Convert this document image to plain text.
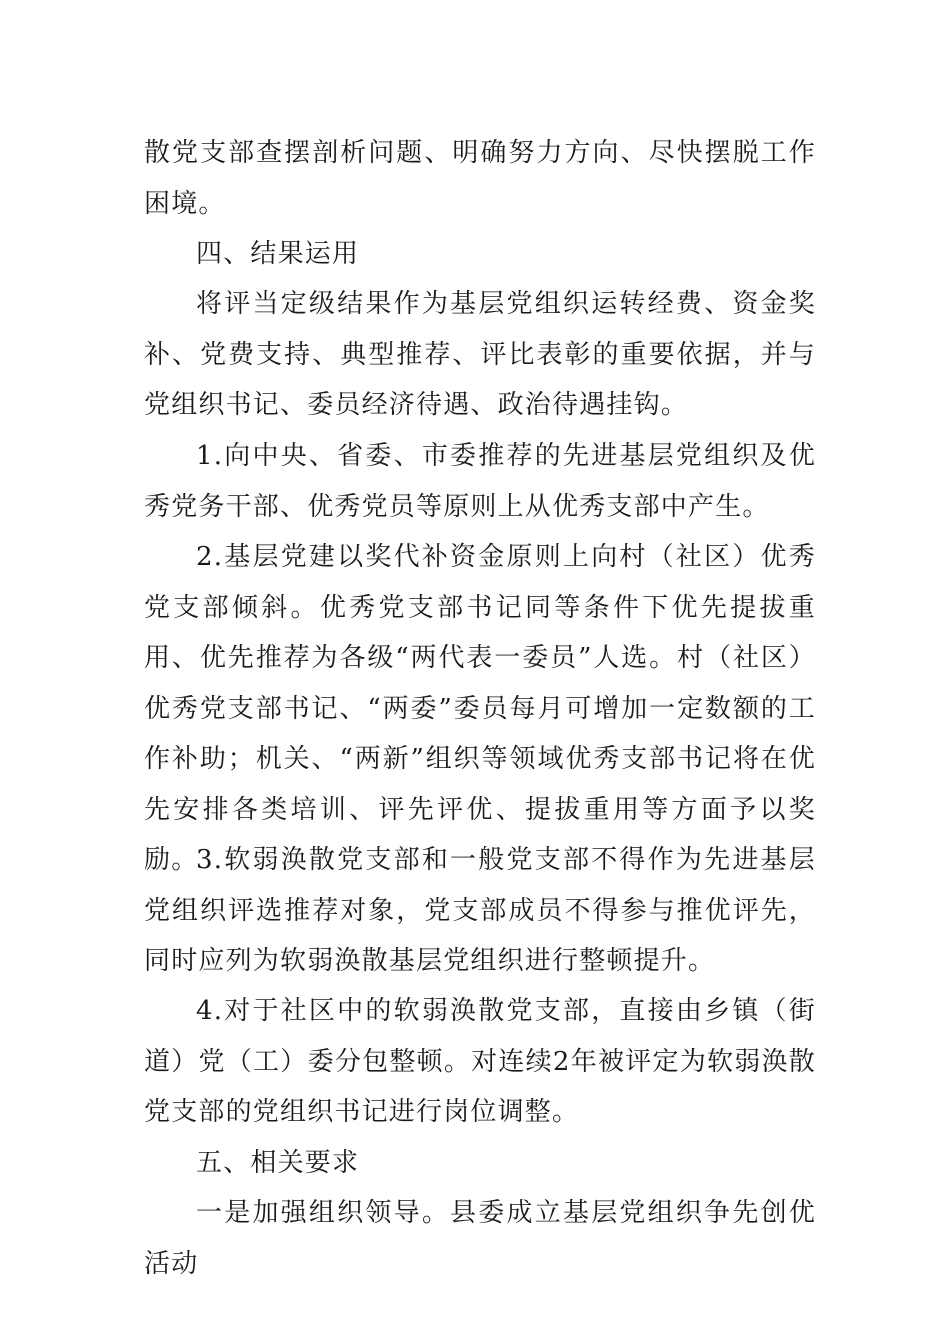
散党支部查摆剖析问题、明确努力方向、尽快摆脱工作困境。

四、结果运用

将评当定级结果作为基层党组织运转经费、资金奖补、党费支持、典型推荐、评比表彰的重要依据，并与党组织书记、委员经济待遇、政治待遇挂钩。

1.向中央、省委、市委推荐的先进基层党组织及优秀党务干部、优秀党员等原则上从优秀支部中产生。

2.基层党建以奖代补资金原则上向村（社区）优秀党支部倾斜。优秀党支部书记同等条件下优先提拔重用、优先推荐为各级“两代表一委员”人选。村（社区）优秀党支部书记、“两委”委员每月可增加一定数额的工作补助；机关、“两新”组织等领域优秀支部书记将在优先安排各类培训、评先评优、提拔重用等方面予以奖励。

3.软弱涣散党支部和一般党支部不得作为先进基层党组织评选推荐对象，党支部成员不得参与推优评先，同时应列为软弱涣散基层党组织进行整顿提升。

4.对于社区中的软弱涣散党支部，直接由乡镇（街道）党（工）委分包整顿。对连续2年被评定为软弱涣散党支部的党组织书记进行岗位调整。

五、相关要求

一是加强组织领导。县委成立基层党组织争先创优活动
